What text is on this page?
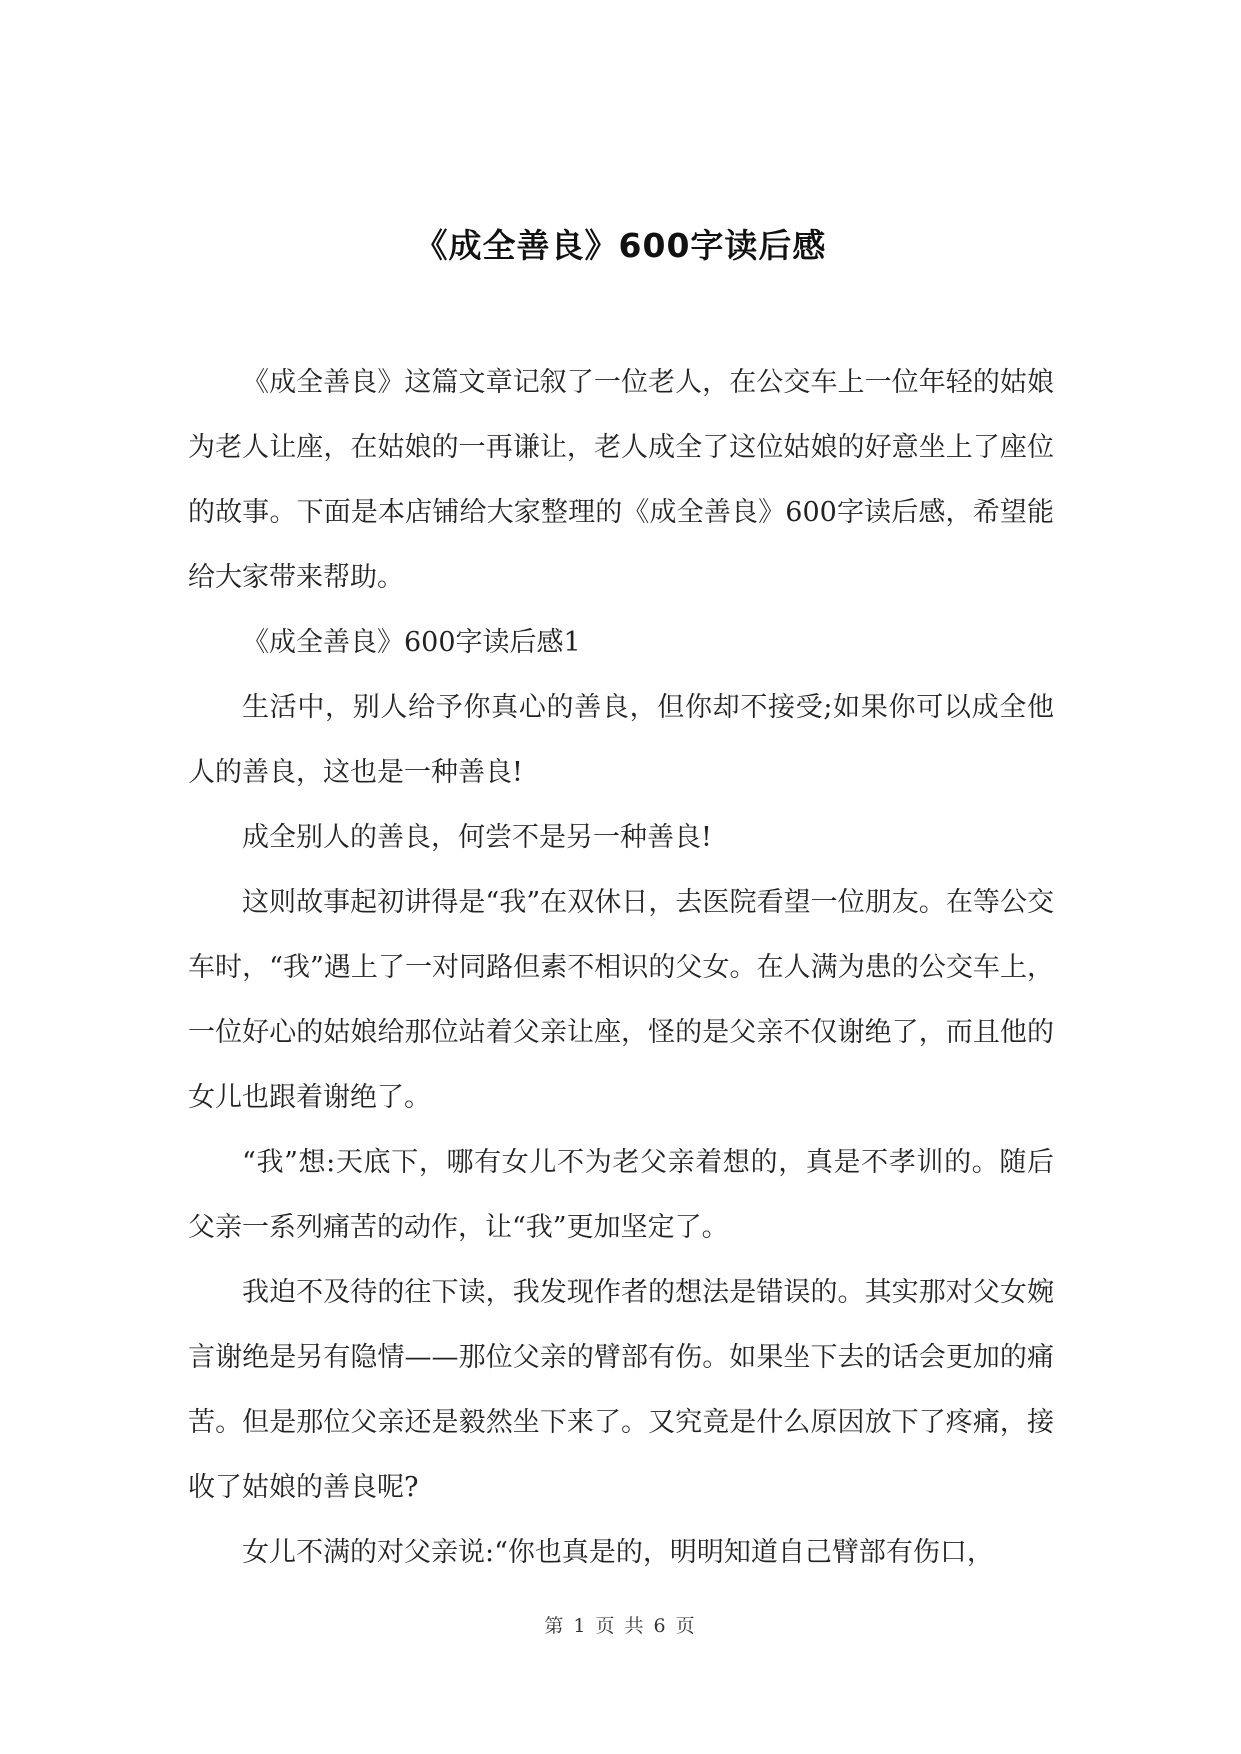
《成全善良》600字读后感

《成全善良》这篇文章记叙了一位老人，在公交车上一位年轻的姑娘为老人让座，在姑娘的一再谦让，老人成全了这位姑娘的好意坐上了座位的故事。下面是本店铺给大家整理的《成全善良》600字读后感，希望能给大家带来帮助。

《成全善良》600字读后感1

生活中，别人给予你真心的善良，但你却不接受;如果你可以成全他人的善良，这也是一种善良!

成全别人的善良，何尝不是另一种善良!

这则故事起初讲得是“我”在双休日，去医院看望一位朋友。在等公交车时，“我”遇上了一对同路但素不相识的父女。在人满为患的公交车上，一位好心的姑娘给那位站着父亲让座，怪的是父亲不仅谢绝了，而且他的女儿也跟着谢绝了。

“我”想:天底下，哪有女儿不为老父亲着想的，真是不孝训的。随后父亲一系列痛苦的动作，让“我”更加坚定了。

我迫不及待的往下读，我发现作者的想法是错误的。其实那对父女婉言谢绝是另有隐情——那位父亲的臂部有伤。如果坐下去的话会更加的痛苦。但是那位父亲还是毅然坐下来了。又究竟是什么原因放下了疼痛，接收了姑娘的善良呢?

女儿不满的对父亲说:“你也真是的，明明知道自己臂部有伤口，

第 1 页 共 6 页
